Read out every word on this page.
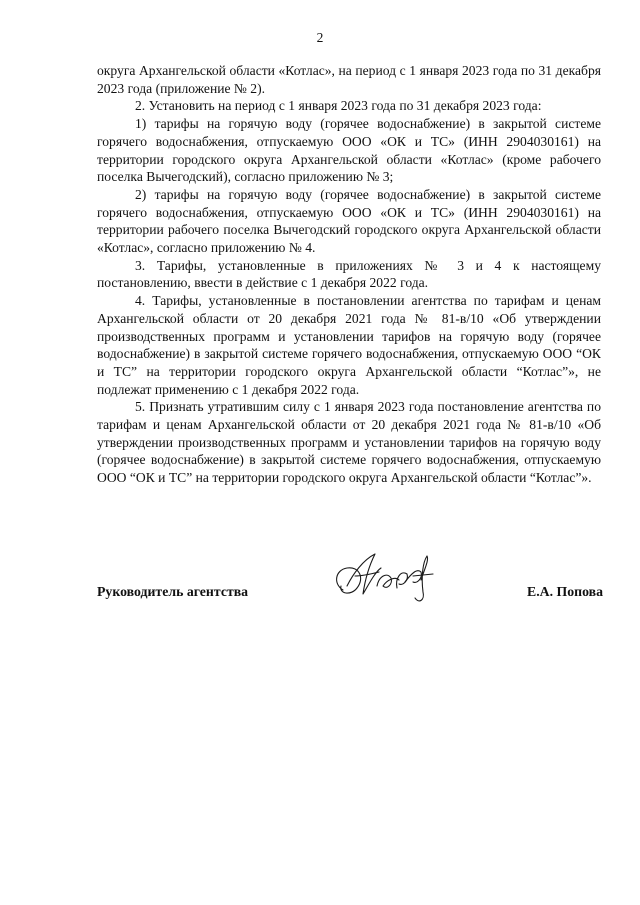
2

округа Архангельской области «Котлас», на период с 1 января 2023 года по 31 декабря 2023 года (приложение № 2).

2. Установить на период с 1 января 2023 года по 31 декабря 2023 года:

1) тарифы на горячую воду (горячее водоснабжение) в закрытой системе горячего водоснабжения, отпускаемую ООО «ОК и ТС» (ИНН 2904030161) на территории городского округа Архангельской области «Котлас» (кроме рабочего поселка Вычегодский), согласно приложению № 3;

2) тарифы на горячую воду (горячее водоснабжение) в закрытой системе горячего водоснабжения, отпускаемую ООО «ОК и ТС» (ИНН 2904030161) на территории рабочего поселка Вычегодский городского округа Архангельской области «Котлас», согласно приложению № 4.

3. Тарифы, установленные в приложениях № 3 и 4 к настоящему постановлению, ввести в действие с 1 декабря 2022 года.

4. Тарифы, установленные в постановлении агентства по тарифам и ценам Архангельской области от 20 декабря 2021 года № 81-в/10 «Об утверждении производственных программ и установлении тарифов на горячую воду (горячее водоснабжение) в закрытой системе горячего водоснабжения, отпускаемую ООО “ОК и ТС” на территории городского округа Архангельской области “Котлас”», не подлежат применению с 1 декабря 2022 года.

5. Признать утратившим силу с 1 января 2023 года постановление агентства по тарифам и ценам Архангельской области от 20 декабря 2021 года № 81-в/10 «Об утверждении производственных программ и установлении тарифов на горячую воду (горячее водоснабжение) в закрытой системе горячего водоснабжения, отпускаемую ООО “ОК и ТС” на территории городского округа Архангельской области “Котлас”».

Руководитель агентства	Е.А. Попова
